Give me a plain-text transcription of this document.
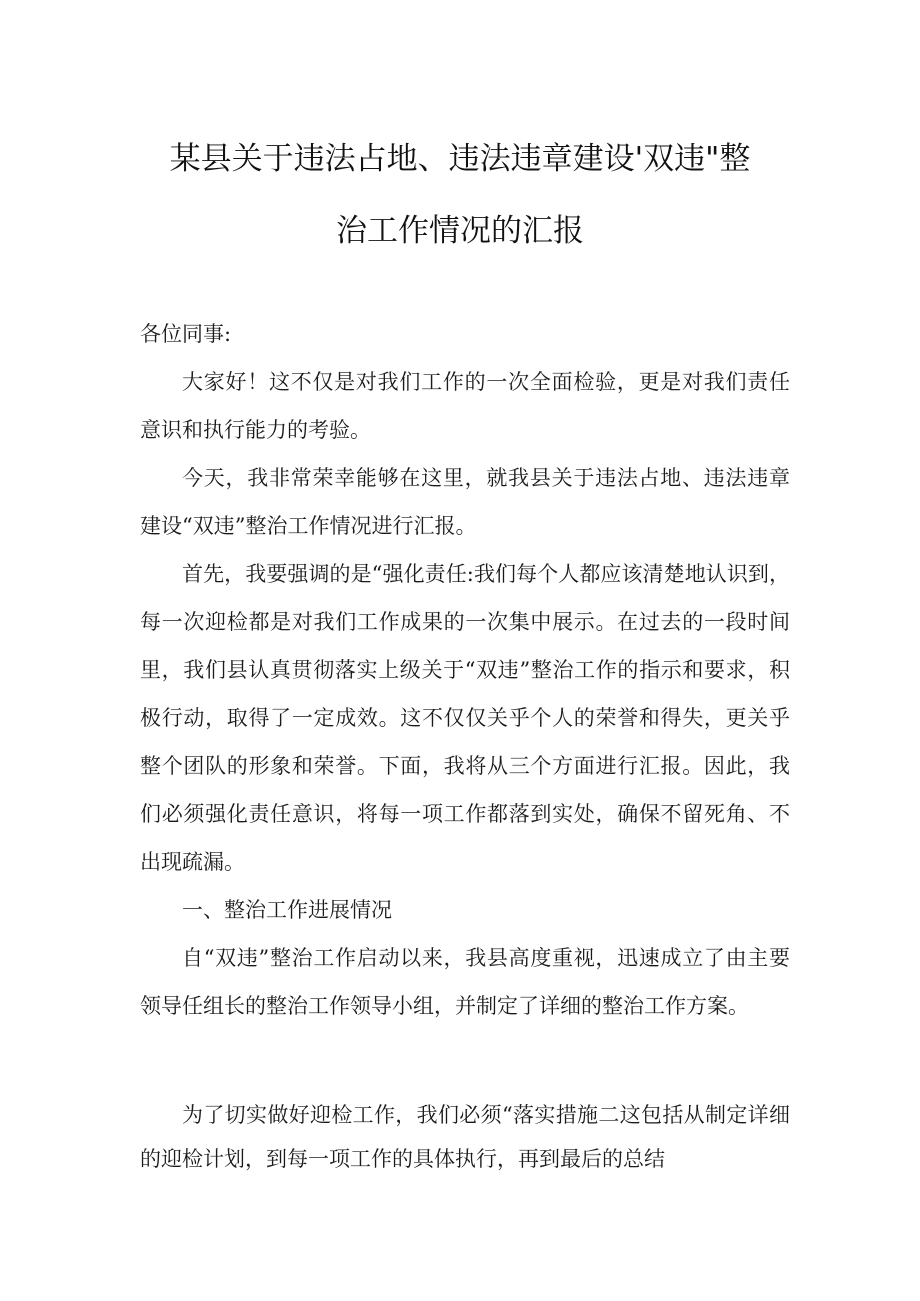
某县关于违法占地、违法违章建设'双违"整
治工作情况的汇报

各位同事:

大家好！这不仅是对我们工作的一次全面检验，更是对我们责任意识和执行能力的考验。

今天，我非常荣幸能够在这里，就我县关于违法占地、违法违章建设“双违”整治工作情况进行汇报。

首先，我要强调的是“强化责任:我们每个人都应该清楚地认识到，每一次迎检都是对我们工作成果的一次集中展示。在过去的一段时间里，我们县认真贯彻落实上级关于“双违”整治工作的指示和要求，积极行动，取得了一定成效。这不仅仅关乎个人的荣誉和得失，更关乎整个团队的形象和荣誉。下面，我将从三个方面进行汇报。因此，我们必须强化责任意识，将每一项工作都落到实处，确保不留死角、不出现疏漏。

一、整治工作进展情况

自“双违”整治工作启动以来，我县高度重视，迅速成立了由主要领导任组长的整治工作领导小组，并制定了详细的整治工作方案。

为了切实做好迎检工作，我们必须“落实措施二这包括从制定详细的迎检计划，到每一项工作的具体执行，再到最后的总结
